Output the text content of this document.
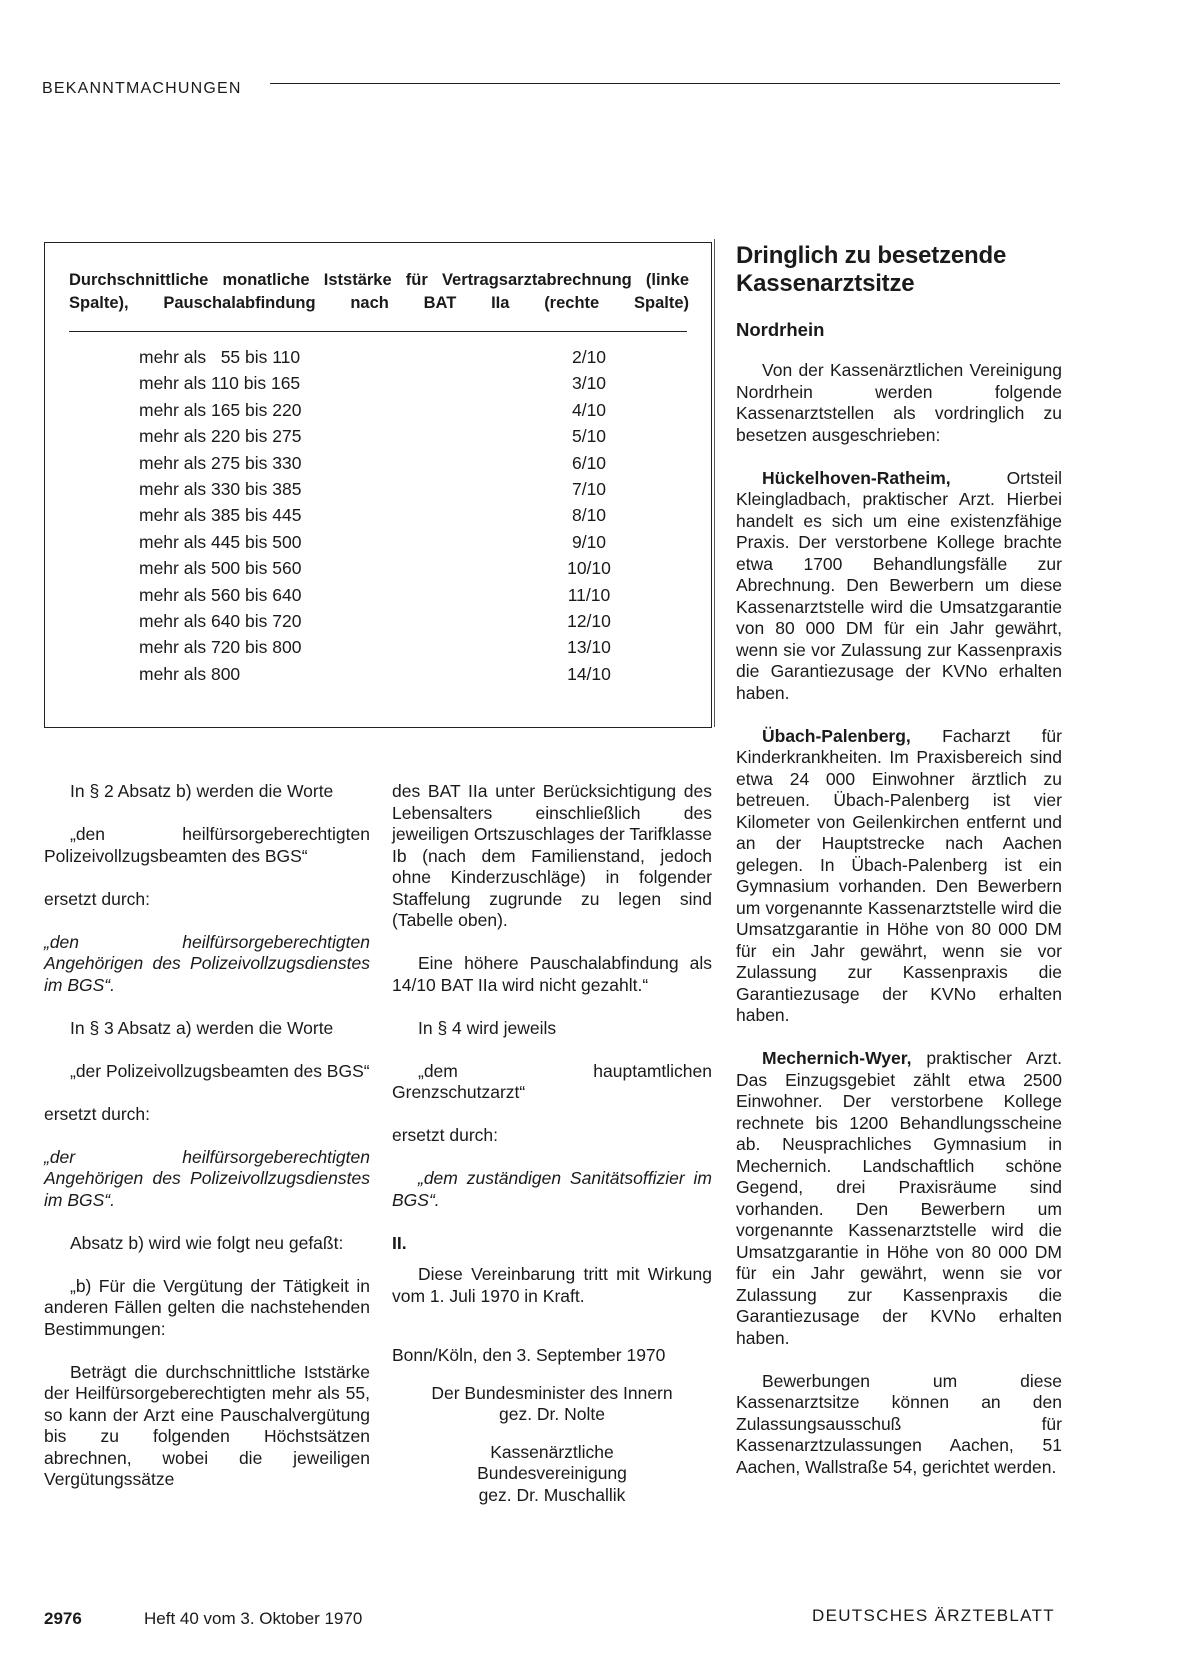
BEKANNTMACHUNGEN
Durchschnittliche monatliche Iststärke für Vertragsarztabrechnung (linke Spalte), Pauschalabfindung nach BAT IIa (rechte Spalte)
mehr als   55 bis 110	2/10
mehr als 110 bis 165	3/10
mehr als 165 bis 220	4/10
mehr als 220 bis 275	5/10
mehr als 275 bis 330	6/10
mehr als 330 bis 385	7/10
mehr als 385 bis 445	8/10
mehr als 445 bis 500	9/10
mehr als 500 bis 560	10/10
mehr als 560 bis 640	11/10
mehr als 640 bis 720	12/10
mehr als 720 bis 800	13/10
mehr als 800	14/10

In § 2 Absatz b) werden die Worte

„den heilfürsorgeberechtigten Polizeivollzugsbeamten des BGS“

ersetzt durch:

„den heilfürsorgeberechtigten Angehörigen des Polizeivollzugsdienstes im BGS“.

In § 3 Absatz a) werden die Worte

„der Polizeivollzugsbeamten des BGS“

ersetzt durch:

„der heilfürsorgeberechtigten Angehörigen des Polizeivollzugsdienstes im BGS“.

Absatz b) wird wie folgt neu gefaßt:

„b) Für die Vergütung der Tätigkeit in anderen Fällen gelten die nachstehenden Bestimmungen:

Beträgt die durchschnittliche Iststärke der Heilfürsorgeberechtigten mehr als 55, so kann der Arzt eine Pauschalvergütung bis zu folgenden Höchstsätzen abrechnen, wobei die jeweiligen Vergütungssätze

des BAT IIa unter Berücksichtigung des Lebensalters einschließlich des jeweiligen Ortszuschlages der Tarifklasse Ib (nach dem Familienstand, jedoch ohne Kinderzuschläge) in folgender Staffelung zugrunde zu legen sind (Tabelle oben).

Eine höhere Pauschalabfindung als 14/10 BAT IIa wird nicht gezahlt.“

In § 4 wird jeweils

„dem hauptamtlichen Grenzschutzarzt“

ersetzt durch:

„dem zuständigen Sanitätsoffizier im BGS“.

II.

Diese Vereinbarung tritt mit Wirkung vom 1. Juli 1970 in Kraft.

Bonn/Köln, den 3. September 1970

Der Bundesminister des Innern

gez. Dr. Nolte

Kassenärztliche

Bundesvereinigung

gez. Dr. Muschallik

Dringlich zu besetzende Kassenarztsitze

Nordrhein

Von der Kassenärztlichen Vereinigung Nordrhein werden folgende Kassenarztstellen als vordringlich zu besetzen ausgeschrieben:

Hückelhoven-Ratheim, Ortsteil Kleingladbach, praktischer Arzt. Hierbei handelt es sich um eine existenzfähige Praxis. Der verstorbene Kollege brachte etwa 1700 Behandlungsfälle zur Abrechnung. Den Bewerbern um diese Kassenarztstelle wird die Umsatzgarantie von 80 000 DM für ein Jahr gewährt, wenn sie vor Zulassung zur Kassenpraxis die Garantiezusage der KVNo erhalten haben.

Übach-Palenberg, Facharzt für Kinderkrankheiten. Im Praxisbereich sind etwa 24 000 Einwohner ärztlich zu betreuen. Übach-Palenberg ist vier Kilometer von Geilenkirchen entfernt und an der Hauptstrecke nach Aachen gelegen. In Übach-Palenberg ist ein Gymnasium vorhanden. Den Bewerbern um vorgenannte Kassenarztstelle wird die Umsatzgarantie in Höhe von 80 000 DM für ein Jahr gewährt, wenn sie vor Zulassung zur Kassenpraxis die Garantiezusage der KVNo erhalten haben.

Mechernich-Wyer, praktischer Arzt. Das Einzugsgebiet zählt etwa 2500 Einwohner. Der verstorbene Kollege rechnete bis 1200 Behandlungsscheine ab. Neusprachliches Gymnasium in Mechernich. Landschaftlich schöne Gegend, drei Praxisräume sind vorhanden. Den Bewerbern um vorgenannte Kassenarztstelle wird die Umsatzgarantie in Höhe von 80 000 DM für ein Jahr gewährt, wenn sie vor Zulassung zur Kassenpraxis die Garantiezusage der KVNo erhalten haben.

Bewerbungen um diese Kassenarztsitze können an den Zulassungsausschuß für Kassenarztzulassungen Aachen, 51 Aachen, Wallstraße 54, gerichtet werden.

2976	Heft 40 vom 3. Oktober 1970	DEUTSCHES ÄRZTEBLATT
